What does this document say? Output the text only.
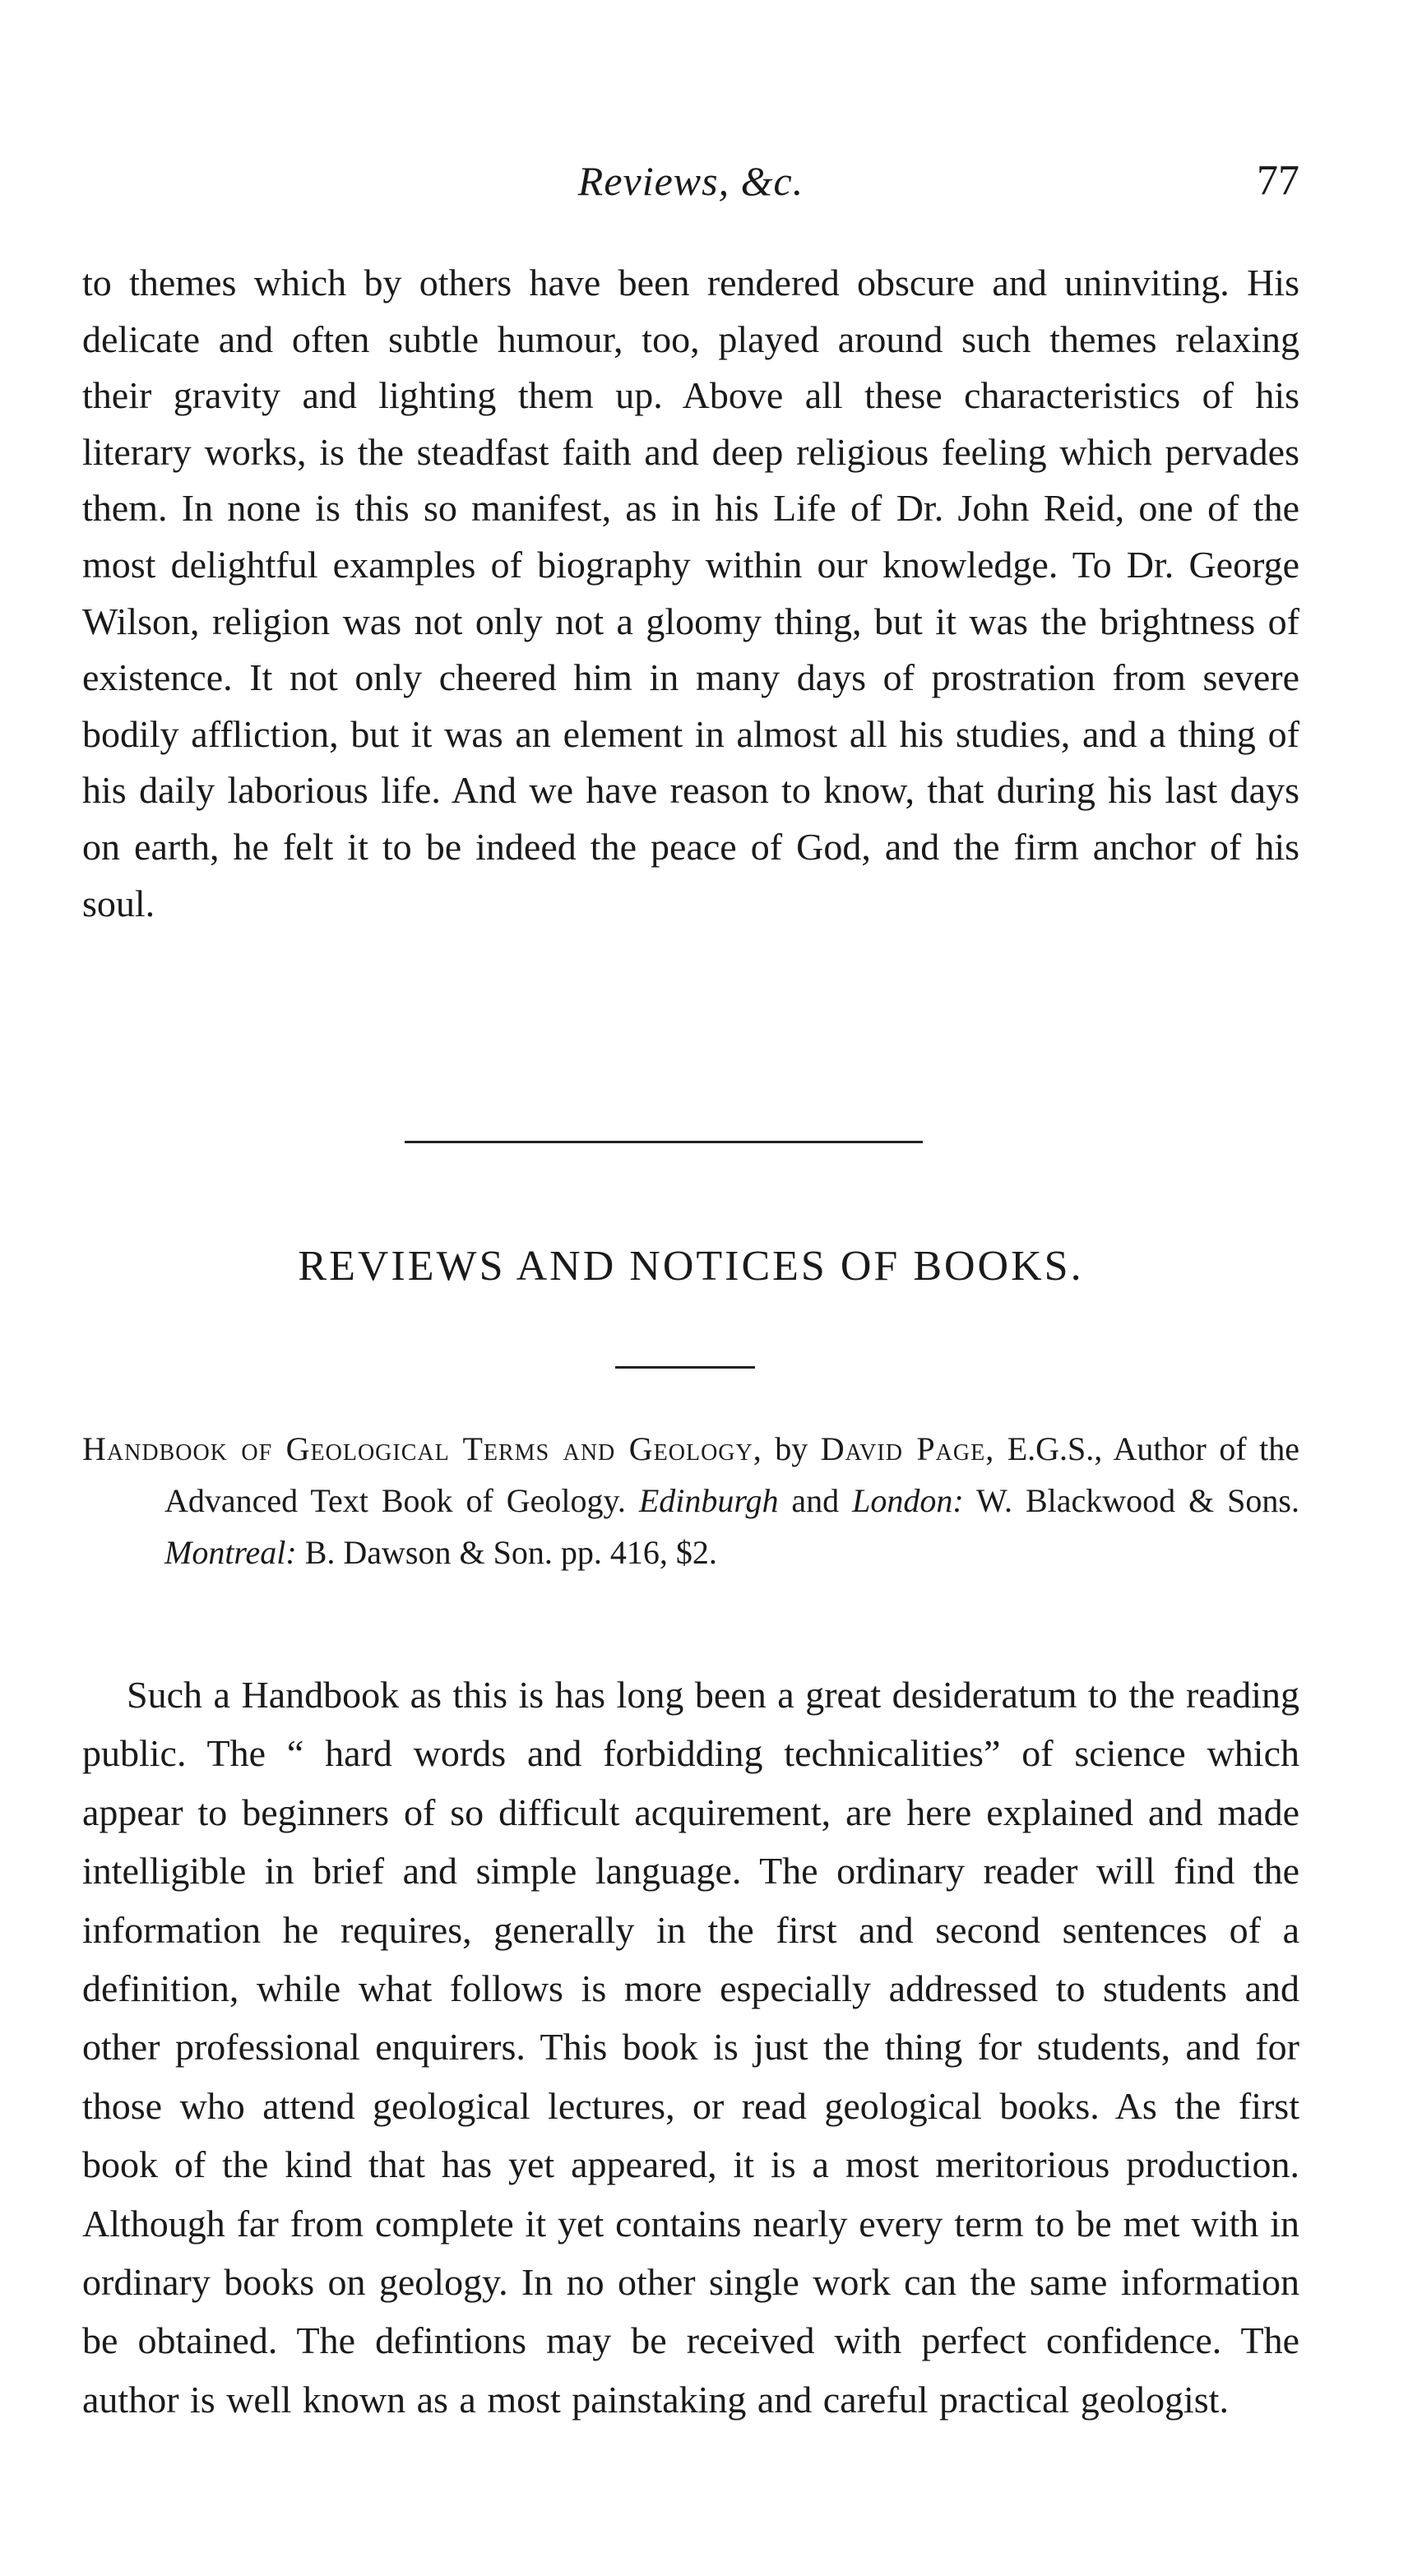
Reviews, &c.	77

to themes which by others have been rendered obscure and uninviting. His delicate and often subtle humour, too, played around such themes relaxing their gravity and lighting them up. Above all these characteristics of his literary works, is the steadfast faith and deep religious feeling which pervades them. In none is this so manifest, as in his Life of Dr. John Reid, one of the most delightful examples of biography within our knowledge. To Dr. George Wilson, religion was not only not a gloomy thing, but it was the brightness of existence. It not only cheered him in many days of prostration from severe bodily affliction, but it was an element in almost all his studies, and a thing of his daily laborious life. And we have reason to know, that during his last days on earth, he felt it to be indeed the peace of God, and the firm anchor of his soul.

REVIEWS AND NOTICES OF BOOKS.
Handbook of Geological Terms and Geology, by David Page, E.G.S., Author of the Advanced Text Book of Geology. Edinburgh and London: W. Blackwood & Sons. Montreal: B. Dawson & Son. pp. 416, $2.

Such a Handbook as this is has long been a great desideratum to the reading public. The “ hard words and forbidding technicalities” of science which appear to beginners of so difficult acquirement, are here explained and made intelligible in brief and simple language. The ordinary reader will find the information he requires, generally in the first and second sentences of a definition, while what follows is more especially addressed to students and other professional enquirers. This book is just the thing for students, and for those who attend geological lectures, or read geological books. As the first book of the kind that has yet appeared, it is a most meritorious production. Although far from complete it yet contains nearly every term to be met with in ordinary books on geology. In no other single work can the same information be obtained. The defintions may be received with perfect confidence. The author is well known as a most painstaking and careful practical geologist.
